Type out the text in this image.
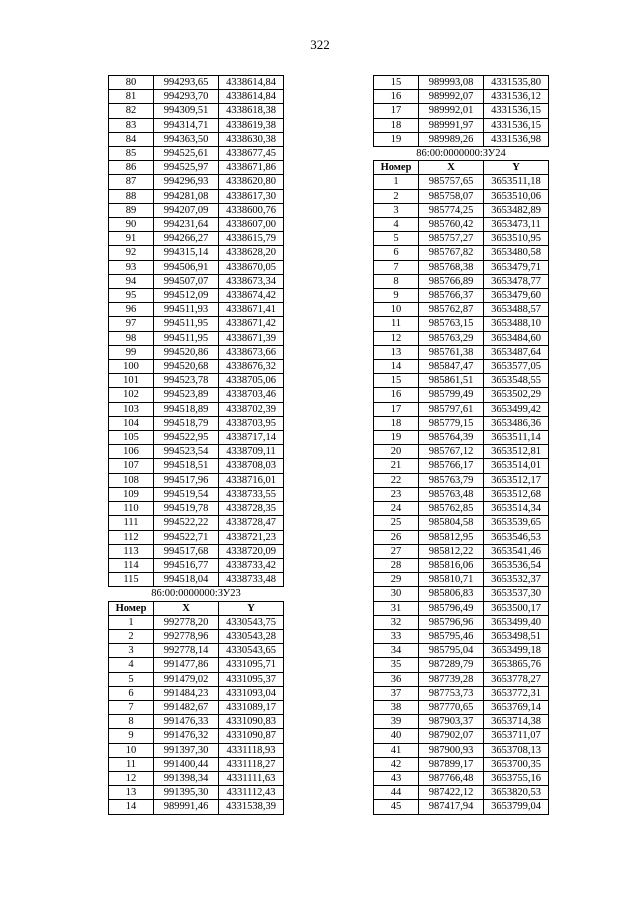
322
80	994293,65	4338614,84
81	994293,70	4338614,84
82	994309,51	4338618,38
83	994314,71	4338619,38
84	994363,50	4338630,38
85	994525,61	4338677,45
86	994525,97	4338671,86
87	994296,93	4338620,80
88	994281,08	4338617,30
89	994207,09	4338600,76
90	994231,64	4338607,00
91	994266,27	4338615,79
92	994315,14	4338628,20
93	994506,91	4338670,05
94	994507,07	4338673,34
95	994512,09	4338674,42
96	994511,93	4338671,41
97	994511,95	4338671,42
98	994511,95	4338671,39
99	994520,86	4338673,66
100	994520,68	4338676,32
101	994523,78	4338705,06
102	994523,89	4338703,46
103	994518,89	4338702,39
104	994518,79	4338703,95
105	994522,95	4338717,14
106	994523,54	4338709,11
107	994518,51	4338708,03
108	994517,96	4338716,01
109	994519,54	4338733,55
110	994519,78	4338728,35
111	994522,22	4338728,47
112	994522,71	4338721,23
113	994517,68	4338720,09
114	994516,77	4338733,42
115	994518,04	4338733,48
86:00:0000000:ЗУ23		
Номер	X	Y
1	992778,20	4330543,75
2	992778,96	4330543,28
3	992778,14	4330543,65
4	991477,86	4331095,71
5	991479,02	4331095,37
6	991484,23	4331093,04
7	991482,67	4331089,17
8	991476,33	4331090,83
9	991476,32	4331090,87
10	991397,30	4331118,93
11	991400,44	4331118,27
12	991398,34	4331111,63
13	991395,30	4331112,43
14	989991,46	4331538,39
15	989993,08	4331535,80
16	989992,07	4331536,12
17	989992,01	4331536,15
18	989991,97	4331536,15
19	989989,26	4331536,98
86:00:0000000:ЗУ24		
Номер	X	Y
1	985757,65	3653511,18
2	985758,07	3653510,06
3	985774,25	3653482,89
4	985760,42	3653473,11
5	985757,27	3653510,95
6	985767,82	3653480,58
7	985768,38	3653479,71
8	985766,89	3653478,77
9	985766,37	3653479,60
10	985762,87	3653488,57
11	985763,15	3653488,10
12	985763,29	3653484,60
13	985761,38	3653487,64
14	985847,47	3653577,05
15	985861,51	3653548,55
16	985799,49	3653502,29
17	985797,61	3653499,42
18	985779,15	3653486,36
19	985764,39	3653511,14
20	985767,12	3653512,81
21	985766,17	3653514,01
22	985763,79	3653512,17
23	985763,48	3653512,68
24	985762,85	3653514,34
25	985804,58	3653539,65
26	985812,95	3653546,53
27	985812,22	3653541,46
28	985816,06	3653536,54
29	985810,71	3653532,37
30	985806,83	3653537,30
31	985796,49	3653500,17
32	985796,96	3653499,40
33	985795,46	3653498,51
34	985795,04	3653499,18
35	987289,79	3653865,76
36	987739,28	3653778,27
37	987753,73	3653772,31
38	987770,65	3653769,14
39	987903,37	3653714,38
40	987902,07	3653711,07
41	987900,93	3653708,13
42	987899,17	3653700,35
43	987766,48	3653755,16
44	987422,12	3653820,53
45	987417,94	3653799,04
